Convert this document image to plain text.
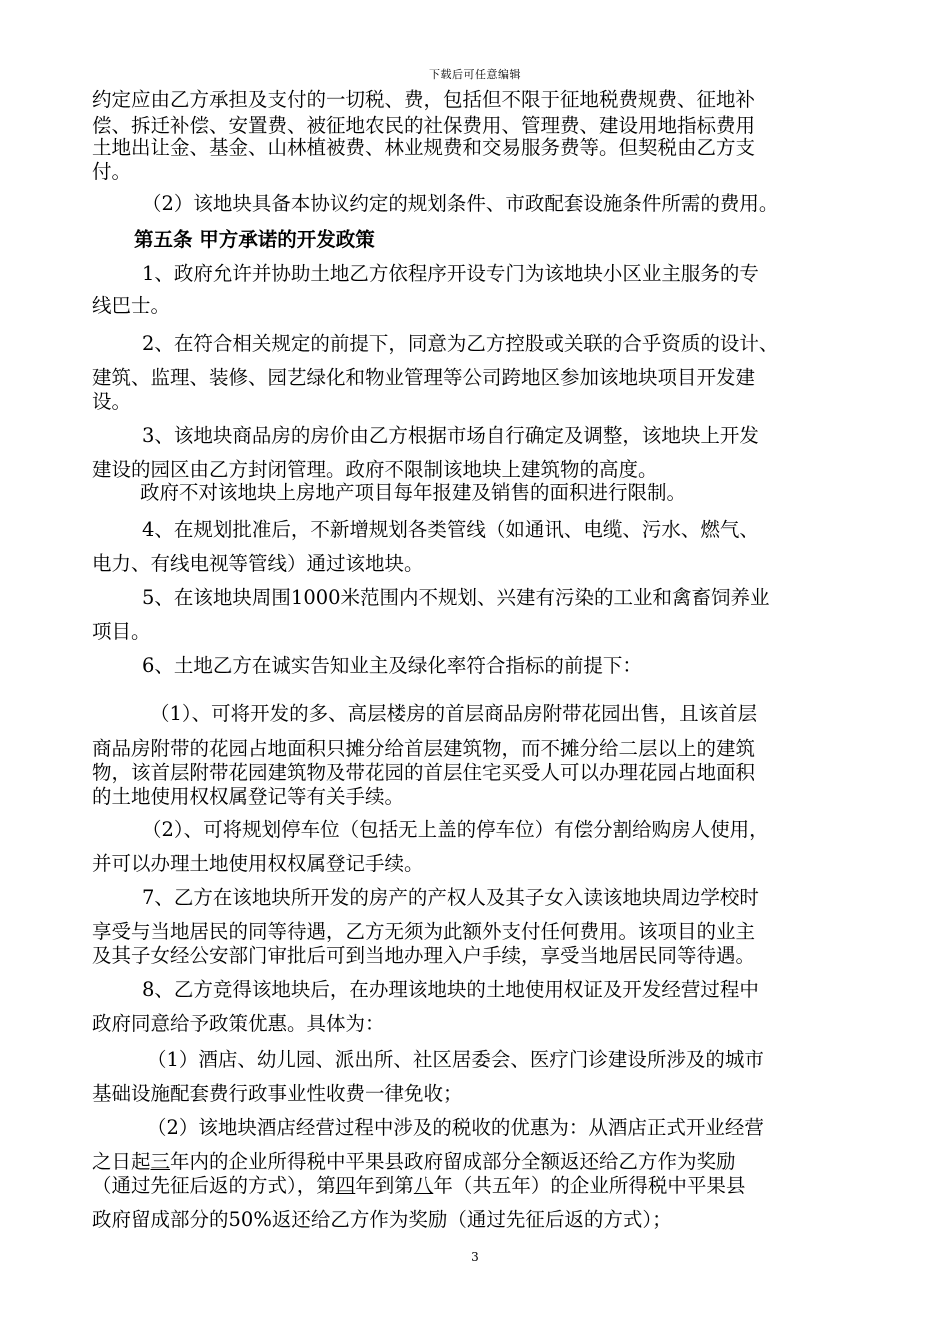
下载后可任意编辑
约定应由乙方承担及支付的一切税、费，包括但不限于征地税费规费、征地补
偿、拆迁补偿、安置费、被征地农民的社保费用、管理费、建设用地指标费用
土地出让金、基金、山林植被费、林业规费和交易服务费等。但契税由乙方支
付。
（2）该地块具备本协议约定的规划条件、市政配套设施条件所需的费用。
第五条 甲方承诺的开发政策
1、政府允许并协助土地乙方依程序开设专门为该地块小区业主服务的专
线巴士。
2、在符合相关规定的前提下，同意为乙方控股或关联的合乎资质的设计、
建筑、监理、装修、园艺绿化和物业管理等公司跨地区参加该地块项目开发建
设。
3、该地块商品房的房价由乙方根据市场自行确定及调整，该地块上开发
建设的园区由乙方封闭管理。政府不限制该地块上建筑物的高度。
政府不对该地块上房地产项目每年报建及销售的面积进行限制。
4、在规划批准后，不新增规划各类管线（如通讯、电缆、污水、燃气、
电力、有线电视等管线）通过该地块。
5、在该地块周围1000米范围内不规划、兴建有污染的工业和禽畜饲养业
项目。
6、土地乙方在诚实告知业主及绿化率符合指标的前提下：
（1）、可将开发的多、高层楼房的首层商品房附带花园出售，且该首层
商品房附带的花园占地面积只摊分给首层建筑物，而不摊分给二层以上的建筑
物，该首层附带花园建筑物及带花园的首层住宅买受人可以办理花园占地面积
的土地使用权权属登记等有关手续。
（2）、可将规划停车位（包括无上盖的停车位）有偿分割给购房人使用，
并可以办理土地使用权权属登记手续。
7、乙方在该地块所开发的房产的产权人及其子女入读该地块周边学校时
享受与当地居民的同等待遇，乙方无须为此额外支付任何费用。该项目的业主
及其子女经公安部门审批后可到当地办理入户手续，享受当地居民同等待遇。
8、乙方竞得该地块后，在办理该地块的土地使用权证及开发经营过程中
政府同意给予政策优惠。具体为：
（1）酒店、幼儿园、派出所、社区居委会、医疗门诊建设所涉及的城市
基础设施配套费行政事业性收费一律免收；
（2）该地块酒店经营过程中涉及的税收的优惠为：从酒店正式开业经营
之日起三年内的企业所得税中平果县政府留成部分全额返还给乙方作为奖励
（通过先征后返的方式），第四年到第八年（共五年）的企业所得税中平果县
政府留成部分的50%返还给乙方作为奖励（通过先征后返的方式）；
3
